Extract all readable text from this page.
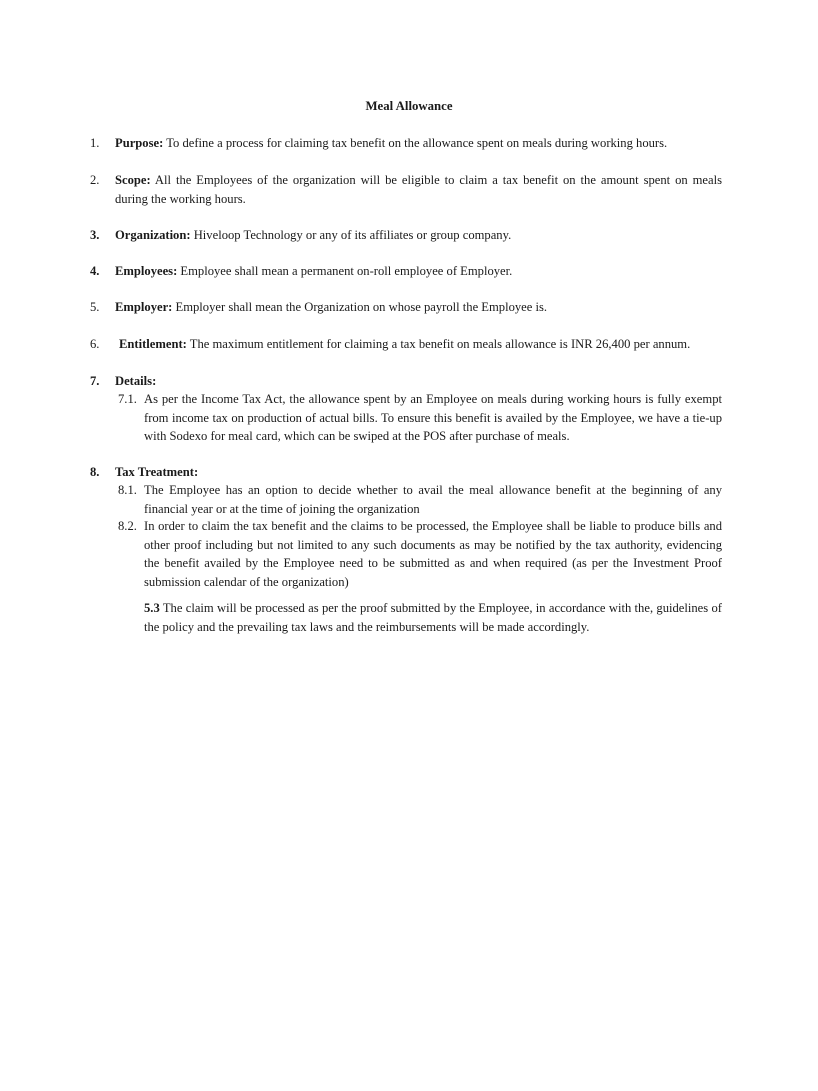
Meal Allowance
1.	Purpose: To define a process for claiming tax benefit on the allowance spent on meals during working hours.
2.	Scope: All the Employees of the organization will be eligible to claim a tax benefit on the amount spent on meals during the working hours.
3.	Organization: Hiveloop Technology or any of its affiliates or group company.
4.	Employees: Employee shall mean a permanent on-roll employee of Employer.
5.	Employer: Employer shall mean the Organization on whose payroll the Employee is.
6.	Entitlement: The maximum entitlement for claiming a tax benefit on meals allowance is INR 26,400 per annum.
7.	Details:
7.1. As per the Income Tax Act, the allowance spent by an Employee on meals during working hours is fully exempt from income tax on production of actual bills. To ensure this benefit is availed by the Employee, we have a tie-up with Sodexo for meal card, which can be swiped at the POS after purchase of meals.
8.	Tax Treatment:
8.1. The Employee has an option to decide whether to avail the meal allowance benefit at the beginning of any financial year or at the time of joining the organization
8.2. In order to claim the tax benefit and the claims to be processed, the Employee shall be liable to produce bills and other proof including but not limited to any such documents as may be notified by the tax authority, evidencing the benefit availed by the Employee need to be submitted as and when required (as per the Investment Proof submission calendar of the organization)
5.3 The claim will be processed as per the proof submitted by the Employee, in accordance with the, guidelines of the policy and the prevailing tax laws and the reimbursements will be made accordingly.
